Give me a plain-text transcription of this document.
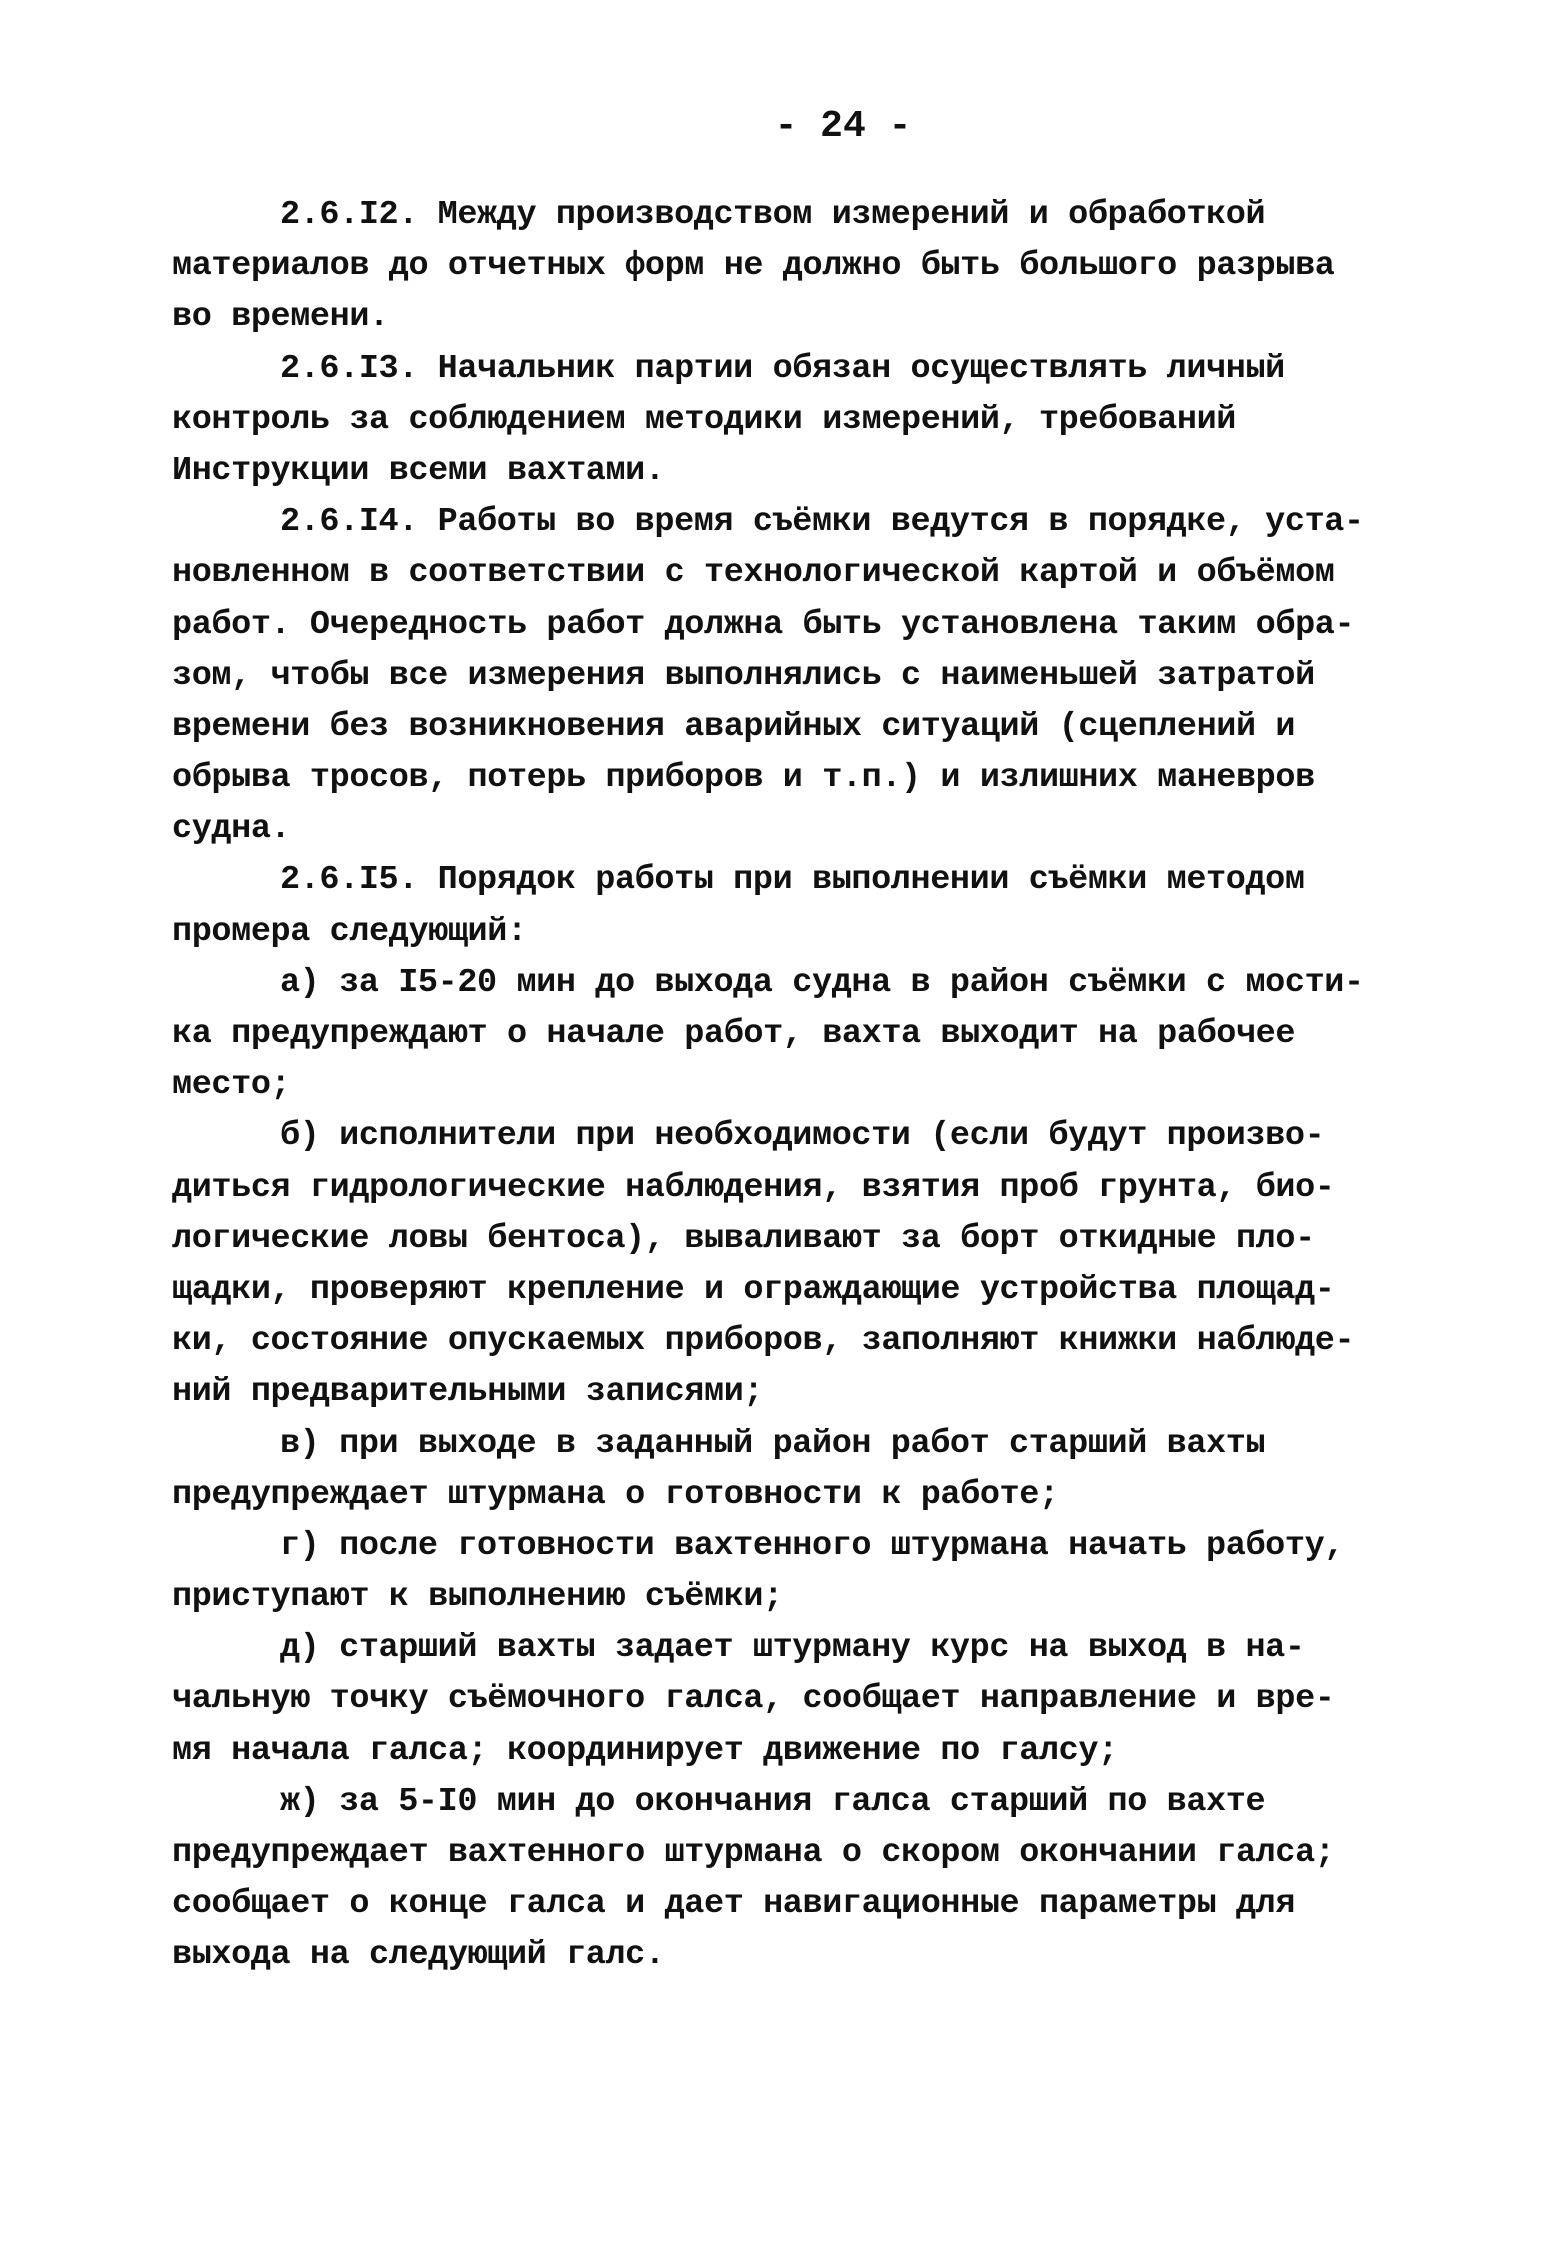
- 24 -
2.6.I2. Между производством измерений и обработкой
материалов до отчетных форм не должно быть большого разрыва
во времени.
2.6.I3. Начальник партии обязан осуществлять личный
контроль за соблюдением методики измерений, требований
Инструкции всеми вахтами.
2.6.I4. Работы во время съёмки ведутся в порядке, уста-
новленном в соответствии с технологической картой и объёмом
работ. Очередность работ должна быть установлена таким обра-
зом, чтобы все измерения выполнялись с наименьшей затратой
времени без возникновения аварийных ситуаций (сцеплений и
обрыва тросов, потерь приборов и т.п.) и излишних маневров
судна.
2.6.I5. Порядок работы при выполнении съёмки методом
промера следующий:
а) за I5-20 мин до выхода судна в район съёмки с мости-
ка предупреждают о начале работ, вахта выходит на рабочее
место;
б) исполнители при необходимости (если будут произво-
диться гидрологические наблюдения, взятия проб грунта, био-
логические ловы бентоса), вываливают за борт откидные пло-
щадки, проверяют крепление и ограждающие устройства площад-
ки, состояние опускаемых приборов, заполняют книжки наблюде-
ний предварительными записями;
в) при выходе в заданный район работ старший вахты
предупреждает штурмана о готовности к работе;
г) после готовности вахтенного штурмана начать работу,
приступают к выполнению съёмки;
д) старший вахты задает штурману курс на выход в на-
чальную точку съёмочного галса, сообщает направление и вре-
мя начала галса; координирует движение по галсу;
ж) за 5-I0 мин до окончания галса старший по вахте
предупреждает вахтенного штурмана о скором окончании галса;
сообщает о конце галса и дает навигационные параметры для
выхода на следующий галс.
